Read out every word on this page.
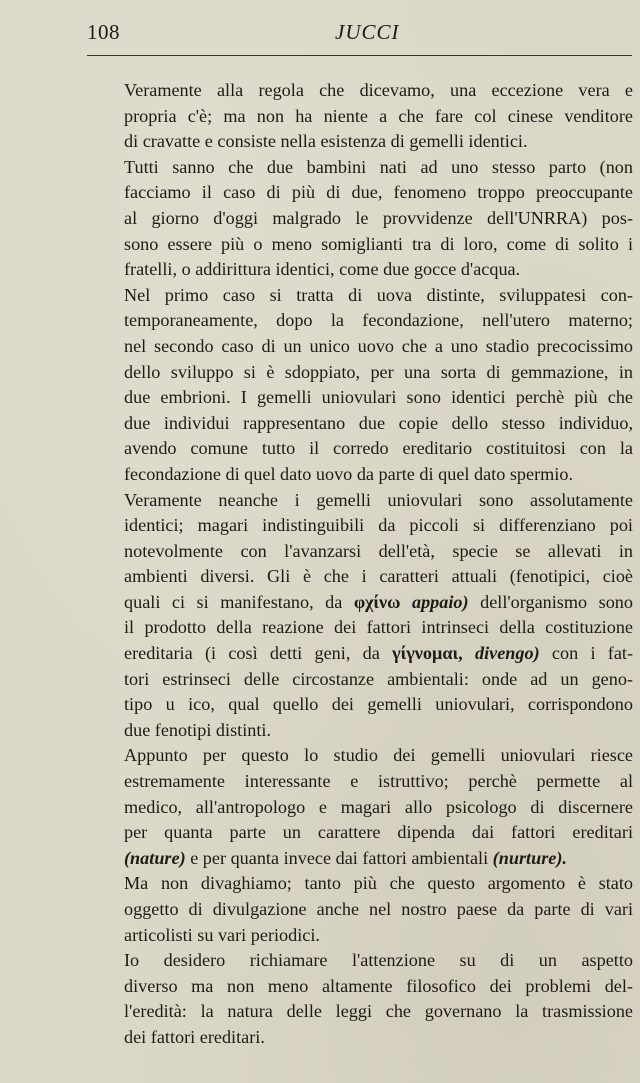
108	JUCCI

Veramente alla regola che dicevamo, una eccezione vera e
propria c'è; ma non ha niente a che fare col cinese venditore
di cravatte e consiste nella esistenza di gemelli identici.

Tutti sanno che due bambini nati ad uno stesso parto (non
facciamo il caso di più di due, fenomeno troppo preoccupante
al giorno d'oggi malgrado le provvidenze dell'UNRRA) pos-
sono essere più o meno somiglianti tra di loro, come di solito i
fratelli, o addirittura identici, come due gocce d'acqua.

Nel primo caso si tratta di uova distinte, sviluppatesi con-
temporaneamente, dopo la fecondazione, nell'utero materno;
nel secondo caso di un unico uovo che a uno stadio precocissimo
dello sviluppo si è sdoppiato, per una sorta di gemmazione, in
due embrioni. I gemelli uniovulari sono identici perchè più che
due individui rappresentano due copie dello stesso individuo,
avendo comune tutto il corredo ereditario costituitosi con la
fecondazione di quel dato uovo da parte di quel dato spermio.

Veramente neanche i gemelli uniovulari sono assolutamente
identici; magari indistinguibili da piccoli si differenziano poi
notevolmente con l'avanzarsi dell'età, specie se allevati in
ambienti diversi. Gli è che i caratteri attuali (fenotipici, cioè
quali ci si manifestano, da φχίνω appaio) dell'organismo sono
il prodotto della reazione dei fattori intrinseci della costituzione
ereditaria (i così detti geni, da γίγνομαι, divengo) con i fat-
tori estrinseci delle circostanze ambientali: onde ad un geno-
tipo u ico, qual quello dei gemelli uniovulari, corrispondono
due fenotipi distinti.

Appunto per questo lo studio dei gemelli uniovulari riesce
estremamente interessante e istruttivo; perchè permette al
medico, all'antropologo e magari allo psicologo di discernere
per quanta parte un carattere dipenda dai fattori ereditari
(nature) e per quanta invece dai fattori ambientali (nurture).

Ma non divaghiamo; tanto più che questo argomento è stato
oggetto di divulgazione anche nel nostro paese da parte di vari
articolisti su vari periodici.

Io desidero richiamare l'attenzione su di un aspetto
diverso ma non meno altamente filosofico dei problemi del-
l'eredità: la natura delle leggi che governano la trasmissione
dei fattori ereditari.
